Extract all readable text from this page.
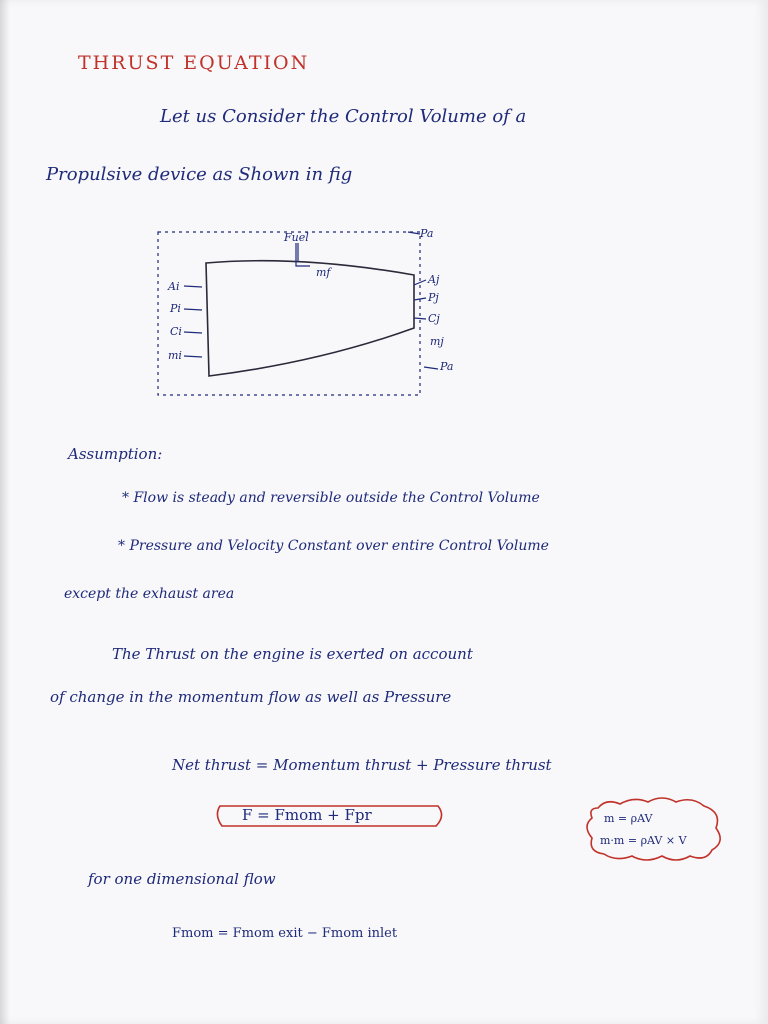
THRUST EQUATION
Let us Consider the Control Volume of a
Propulsive device as Shown in fig
Fuel
mf
Pa
Ai
Pi
Ci
mi
Aj
Pj
Cj
mj
Pa
Assumption:
* Flow is steady and reversible outside the Control Volume
* Pressure and Velocity Constant over entire Control Volume
except the exhaust area
The Thrust on the engine is exerted on account
of change in the momentum flow as well as Pressure
Net thrust = Momentum thrust + Pressure thrust
F = Fmom + Fpr	m = ρAV
m·m = ρAV × V
for one dimensional flow
Fmom = Fmom exit − Fmom inlet
